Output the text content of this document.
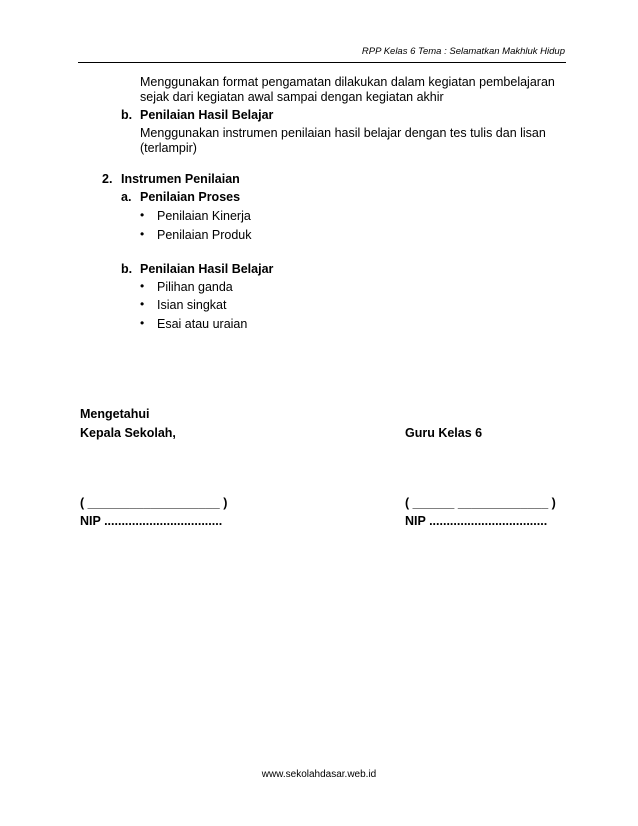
RPP Kelas 6 Tema : Selamatkan Makhluk Hidup
Menggunakan format pengamatan dilakukan dalam kegiatan pembelajaran
sejak dari kegiatan awal sampai dengan kegiatan akhir
b. Penilaian Hasil Belajar
Menggunakan instrumen penilaian hasil belajar dengan tes tulis dan lisan
(terlampir)
2. Instrumen Penilaian
a. Penilaian Proses
• Penilaian Kinerja
• Penilaian Produk
b. Penilaian Hasil Belajar
• Pilihan ganda
• Isian singkat
• Esai atau uraian
Mengetahui
Kepala Sekolah,	Guru Kelas 6
( ___________________ )	( ______ _____________ )
NIP ..................................	NIP ..................................
www.sekolahdasar.web.id
